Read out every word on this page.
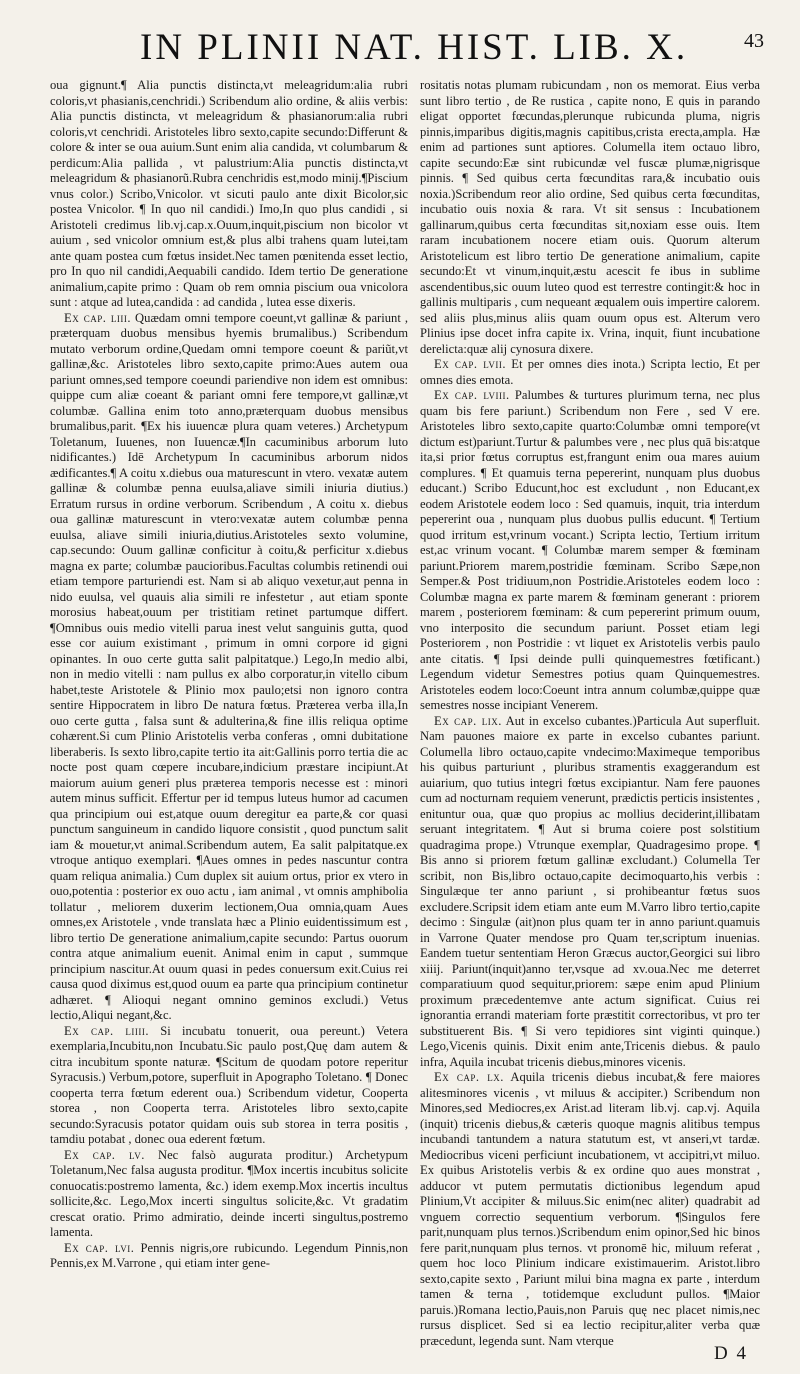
IN PLINII NAT. HIST. LIB. X.	43

oua gignunt.¶ Alia punctis distincta,vt meleagridum:alia rubri coloris,vt phasianis,cenchridi.) Scribendum alio ordine, & aliis verbis: Alia punctis distincta, vt meleagridum & phasianorum:alia rubri coloris,vt cenchridi. Aristoteles libro sexto,capite secundo:Differunt & colore & inter se oua auium.Sunt enim alia candida, vt columbarum & perdicum:Alia pallida , vt palustrium:Alia punctis distincta,vt meleagridum & phasianorũ.Rubra cenchridis est,modo minij.¶Piscium vnus color.) Scribo,Vnicolor. vt sicuti paulo ante dixit Bicolor,sic postea Vnicolor. ¶ In quo nil candidi.) Imo,In quo plus candidi , si Aristoteli credimus lib.vj.cap.x.Ouum,inquit,piscium non bicolor vt auium , sed vnicolor omnium est,& plus albi trahens quam lutei,tam ante quam postea cum fœtus insidet.Nec tamen pœnitenda esset lectio, pro In quo nil candidi,Aequabili candido. Idem tertio De generatione animalium,capite primo : Quam ob rem omnia piscium oua vnicolora sunt : atque ad lutea,candida : ad candida , lutea esse dixeris.

Ex cap. liii. Quædam omni tempore coeunt,vt gallinæ & pariunt , præterquam duobus mensibus hyemis brumalibus.) Scribendum mutato verborum ordine,Quedam omni tempore coeunt & pariũt,vt gallinæ,&c. Aristoteles libro sexto,capite primo:Aues autem oua pariunt omnes,sed tempore coeundi pariendive non idem est omnibus: quippe cum aliæ coeant & pariant omni fere tempore,vt gallinæ,vt columbæ. Gallina enim toto anno,præterquam duobus mensibus brumalibus,parit. ¶Ex his iuuencæ plura quam veteres.) Archetypum Toletanum, Iuuenes, non Iuuencæ.¶In cacuminibus arborum luto nidificantes.) Idē Archetypum In cacuminibus arborum nidos ædificantes.¶ A coitu x.diebus oua maturescunt in vtero. vexatæ autem gallinæ & columbæ penna euulsa,aliave simili iniuria diutius.) Erratum rursus in ordine verborum. Scribendum , A coitu x. diebus oua gallinæ maturescunt in vtero:vexatæ autem columbæ penna euulsa, aliave simili iniuria,diutius.Aristoteles sexto volumine, cap.secundo: Ouum gallinæ conficitur à coitu,& perficitur x.diebus magna ex parte; columbæ paucioribus.Facultas columbis retinendi oui etiam tempore parturiendi est. Nam si ab aliquo vexetur,aut penna in nido euulsa, vel quauis alia simili re infestetur , aut etiam sponte morosius habeat,ouum per tristitiam retinet partumque differt. ¶Omnibus ouis medio vitelli parua inest velut sanguinis gutta, quod esse cor auium existimant , primum in omni corpore id gigni opinantes. In ouo certe gutta salit palpitatque.) Lego,In medio albi, non in medio vitelli : nam pullus ex albo corporatur,in vitello cibum habet,teste Aristotele & Plinio mox paulo;etsi non ignoro contra sentire Hippocratem in libro De natura fœtus. Præterea verba illa,In ouo certe gutta , falsa sunt & adulterina,& fine illis reliqua optime cohærent.Si cum Plinio Aristotelis verba conferas , omni dubitatione liberaberis. Is sexto libro,capite tertio ita ait:Gallinis porro tertia die ac nocte post quam cœpere incubare,indicium præstare incipiunt.At maiorum auium generi plus præterea temporis necesse est : minori autem minus sufficit. Effertur per id tempus luteus humor ad cacumen qua principium oui est,atque ouum deregitur ea parte,& cor quasi punctum sanguineum in candido liquore consistit , quod punctum salit iam & mouetur,vt animal.Scribendum autem, Ea salit palpitatque.ex vtroque antiquo exemplari. ¶Aues omnes in pedes nascuntur contra quam reliqua animalia.) Cum duplex sit auium ortus, prior ex vtero in ouo,potentia : posterior ex ouo actu , iam animal , vt omnis amphibolia tollatur , meliorem duxerim lectionem,Oua omnia,quam Aues omnes,ex Aristotele , vnde translata hæc a Plinio euidentissimum est , libro tertio De generatione animalium,capite secundo: Partus ouorum contra atque animalium euenit. Animal enim in caput , summque principium nascitur.At ouum quasi in pedes conuersum exit.Cuius rei causa quod diximus est,quod ouum ea parte qua principium continetur adhæret. ¶ Alioqui negant omnino geminos excludi.) Vetus lectio,Aliqui negant,&c.

Ex cap. liiii. Si incubatu tonuerit, oua pereunt.) Vetera exemplaria,Incubitu,non Incubatu.Sic paulo post,Quę dam autem & citra incubitum sponte naturæ. ¶Scitum de quodam potore reperitur Syracusis.) Verbum,potore, superfluit in Apographo Toletano. ¶ Donec cooperta terra fœtum ederent oua.) Scribendum videtur, Cooperta storea , non Cooperta terra. Aristoteles libro sexto,capite secundo:Syracusis potator quidam ouis sub storea in terra positis , tamdiu potabat , donec oua ederent fœtum.

Ex cap. lv. Nec falsò augurata proditur.) Archetypum Toletanum,Nec falsa augusta proditur. ¶Mox incertis incubitus solicite conuocatis:postremo lamenta, &c.) idem exemp.Mox incertis incultus sollicite,&c. Lego,Mox incerti singultus solicite,&c. Vt gradatim crescat oratio. Primo admiratio, deinde incerti singultus,postremo lamenta.

Ex cap. lvi. Pennis nigris,ore rubicundo. Legendum Pinnis,non Pennis,ex M.Varrone , qui etiam inter gene-

rositatis notas plumam rubicundam , non os memorat. Eius verba sunt libro tertio , de Re rustica , capite nono, E quis in parando eligat opportet fœcundas,plerunque rubicunda pluma, nigris pinnis,imparibus digitis,magnis capitibus,crista erecta,ampla. Hæ enim ad partiones sunt aptiores. Columella item octauo libro, capite secundo:Eæ sint rubicundæ vel fuscæ plumæ,nigrisque pinnis. ¶ Sed quibus certa fœcunditas rara,& incubatio ouis noxia.)Scribendum reor alio ordine, Sed quibus certa fœcunditas, incubatio ouis noxia & rara. Vt sit sensus : Incubationem gallinarum,quibus certa fœcunditas sit,noxiam esse ouis. Item raram incubationem nocere etiam ouis. Quorum alterum Aristotelicum est libro tertio De generatione animalium, capite secundo:Et vt vinum,inquit,æstu acescit fe ibus in sublime ascendentibus,sic ouum luteo quod est terrestre contingit:& hoc in gallinis multiparis , cum nequeant æqualem ouis impertire calorem. sed aliis plus,minus aliis quam ouum opus est. Alterum vero Plinius ipse docet infra capite ix. Vrina, inquit, fiunt incubatione derelicta:quæ alij cynosura dixere.

Ex cap. lvii. Et per omnes dies inota.) Scripta lectio, Et per omnes dies emota.

Ex cap. lviii. Palumbes & turtures plurimum terna, nec plus quam bis fere pariunt.) Scribendum non Fere , sed V ere. Aristoteles libro sexto,capite quarto:Columbæ omni tempore(vt dictum est)pariunt.Turtur & palumbes vere , nec plus quā bis:atque ita,si prior fœtus corruptus est,frangunt enim oua mares auium complures. ¶ Et quamuis terna pepererint, nunquam plus duobus educant.) Scribo Educunt,hoc est excludunt , non Educant,ex eodem Aristotele eodem loco : Sed quamuis, inquit, tria interdum pepererint oua , nunquam plus duobus pullis educunt. ¶ Tertium quod irritum est,vrinum vocant.) Scripta lectio, Tertium irritum est,ac vrinum vocant. ¶ Columbæ marem semper & fœminam pariunt.Priorem marem,postridie fœminam. Scribo Sæpe,non Semper.& Post tridiuum,non Postridie.Aristoteles eodem loco : Columbæ magna ex parte marem & fœminam generant : priorem marem , posteriorem fœminam: & cum pepererint primum ouum, vno interposito die secundum pariunt. Posset etiam legi Posteriorem , non Postridie : vt liquet ex Aristotelis verbis paulo ante citatis. ¶ Ipsi deinde pulli quinquemestres fœtificant.) Legendum videtur Semestres potius quam Quinquemestres. Aristoteles eodem loco:Coeunt intra annum columbæ,quippe quæ semestres nosse incipiant Venerem.

Ex cap. lix. Aut in excelso cubantes.)Particula Aut superfluit. Nam pauones maiore ex parte in excelso cubantes pariunt. Columella libro octauo,capite vndecimo:Maximeque temporibus his quibus parturiunt , pluribus stramentis exaggerandum est auiarium, quo tutius integri fœtus excipiantur. Nam fere pauones cum ad nocturnam requiem venerunt, prædictis perticis insistentes , enituntur oua, quæ quo propius ac mollius deciderint,illibatam seruant integritatem. ¶ Aut si bruma coiere post solstitium quadragima prope.) Vtrunque exemplar, Quadragesimo prope. ¶ Bis anno si priorem fœtum gallinæ excludant.) Columella Ter scribit, non Bis,libro octauo,capite decimoquarto,his verbis : Singulæque ter anno pariunt , si prohibeantur fœtus suos excludere.Scripsit idem etiam ante eum M.Varro libro tertio,capite decimo : Singulæ (ait)non plus quam ter in anno pariunt.quamuis in Varrone Quater mendose pro Quam ter,scriptum inuenias. Eandem tuetur sententiam Heron Græcus auctor,Georgici sui libro xiiij. Pariunt(inquit)anno ter,vsque ad xv.oua.Nec me deterret comparatiuum quod sequitur,priorem: sæpe enim apud Plinium proximum præcedentemve ante actum significat. Cuius rei ignorantia errandi materiam forte præstitit correctoribus, vt pro ter substituerent Bis. ¶ Si vero tepidiores sint viginti quinque.) Lego,Vicenis quinis. Dixit enim ante,Tricenis diebus. & paulo infra, Aquila incubat tricenis diebus,minores vicenis.

Ex cap. lx. Aquila tricenis diebus incubat,& fere maiores alitesminores vicenis , vt miluus & accipiter.) Scribendum non Minores,sed Mediocres,ex Arist.ad literam lib.vj. cap.vj. Aquila (inquit) tricenis diebus,& cæteris quoque magnis alitibus tempus incubandi tantundem a natura statutum est, vt anseri,vt tardæ. Mediocribus viceni perficiunt incubationem, vt accipitri,vt miluo. Ex quibus Aristotelis verbis & ex ordine quo aues monstrat , adducor vt putem permutatis dictionibus legendum apud Plinium,Vt accipiter & miluus.Sic enim(nec aliter) quadrabit ad vnguem correctio sequentium verborum. ¶Singulos fere parit,nunquam plus ternos.)Scribendum enim opinor,Sed hic binos fere parit,nunquam plus ternos. vt pronomē hic, miluum referat , quem hoc loco Plinium indicare existimauerim. Aristot.libro sexto,capite sexto , Pariunt milui bina magna ex parte , interdum tamen & terna , totidemque excludunt pullos. ¶Maior paruis.)Romana lectio,Pauis,non Paruis quę nec placet nimis,nec rursus displicet. Sed si ea lectio recipitur,aliter verba quæ præcedunt, legenda sunt. Nam vterque

D 4
